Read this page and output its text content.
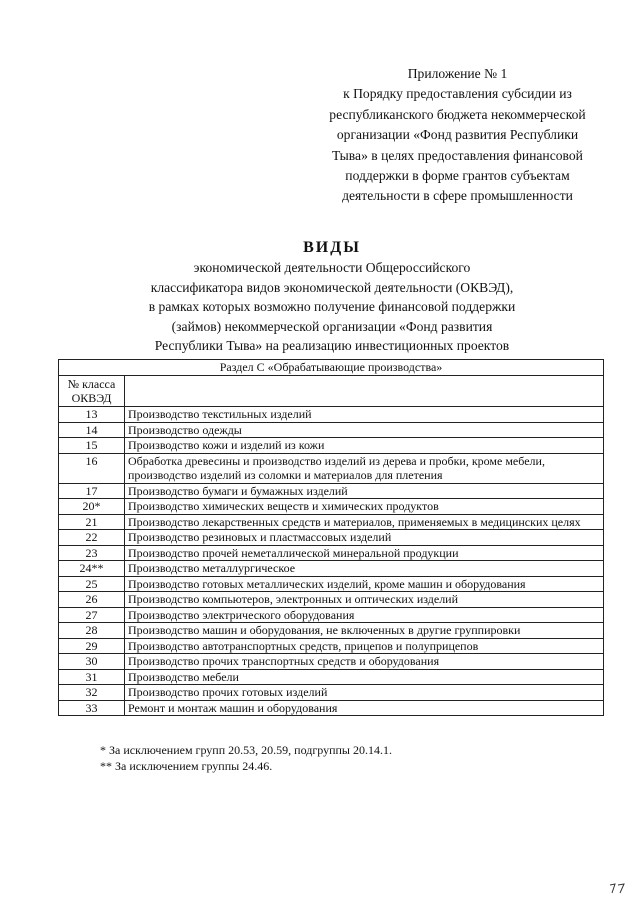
Приложение № 1
к Порядку предоставления субсидии из
республиканского бюджета некоммерческой
организации «Фонд развития Республики
Тыва» в целях предоставления финансовой
поддержки в форме грантов субъектам
деятельности в сфере промышленности
ВИДЫ
экономической деятельности Общероссийского
классификатора видов экономической деятельности (ОКВЭД),
в рамках которых возможно получение финансовой поддержки
(займов) некоммерческой организации «Фонд развития
Республики Тыва» на реализацию инвестиционных проектов
Раздел С «Обрабатывающие производства»	

№ класса
ОКВЭД	

13	Производство текстильных изделий
14	Производство одежды
15	Производство кожи и изделий из кожи
16	Обработка древесины и производство изделий из дерева и пробки, кроме мебели, производство изделий из соломки и материалов для плетения
17	Производство бумаги и бумажных изделий
20*	Производство химических веществ и химических продуктов
21	Производство лекарственных средств и материалов, применяемых в медицинских целях
22	Производство резиновых и пластмассовых изделий
23	Производство прочей неметаллической минеральной продукции
24**	Производство металлургическое
25	Производство готовых металлических изделий, кроме машин и оборудования
26	Производство компьютеров, электронных и оптических изделий
27	Производство электрического оборудования
28	Производство машин и оборудования, не включенных в другие группировки
29	Производство автотранспортных средств, прицепов и полуприцепов
30	Производство прочих транспортных средств и оборудования
31	Производство мебели
32	Производство прочих готовых изделий
33	Ремонт и монтаж машин и оборудования
* За исключением групп 20.53, 20.59, подгруппы 20.14.1.
** За исключением группы 24.46.
